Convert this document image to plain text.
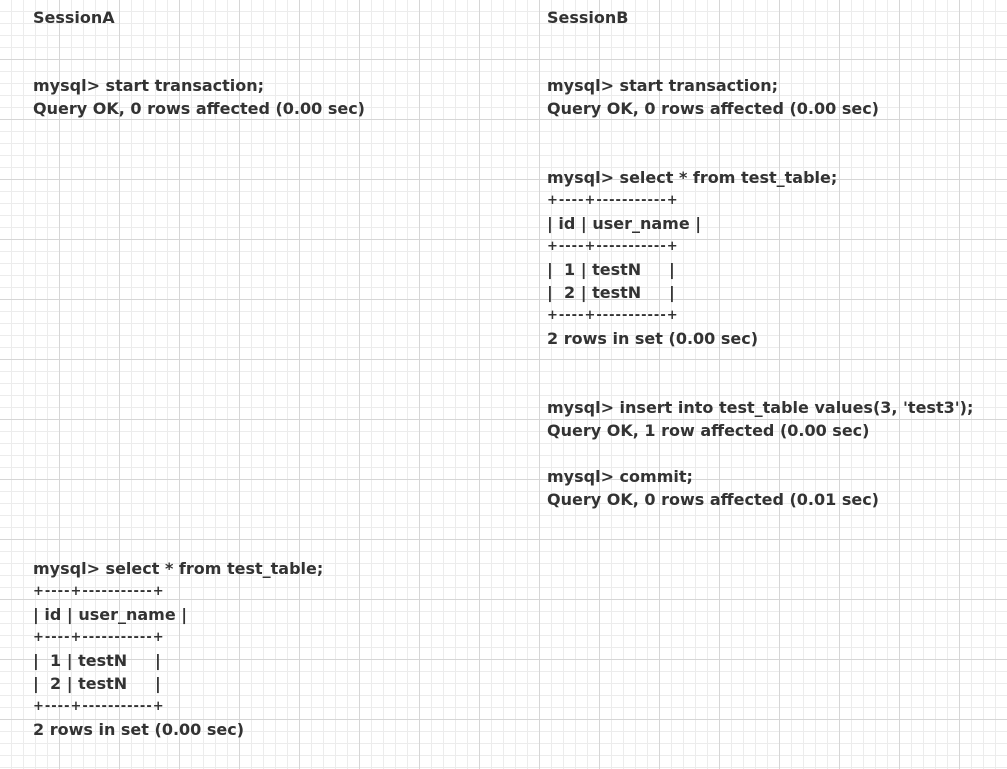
SessionA
mysql> start transaction;
Query OK, 0 rows affected (0.00 sec)
mysql> select * from test_table;
+----+-----------+
| id | user_name |
+----+-----------+
|  1 | testN     |
|  2 | testN     |
+----+-----------+
2 rows in set (0.00 sec)
SessionB
mysql> start transaction;
Query OK, 0 rows affected (0.00 sec)
mysql> select * from test_table;
+----+-----------+
| id | user_name |
+----+-----------+
|  1 | testN     |
|  2 | testN     |
+----+-----------+
2 rows in set (0.00 sec)
mysql> insert into test_table values(3, 'test3');
Query OK, 1 row affected (0.00 sec)
mysql> commit;
Query OK, 0 rows affected (0.01 sec)
